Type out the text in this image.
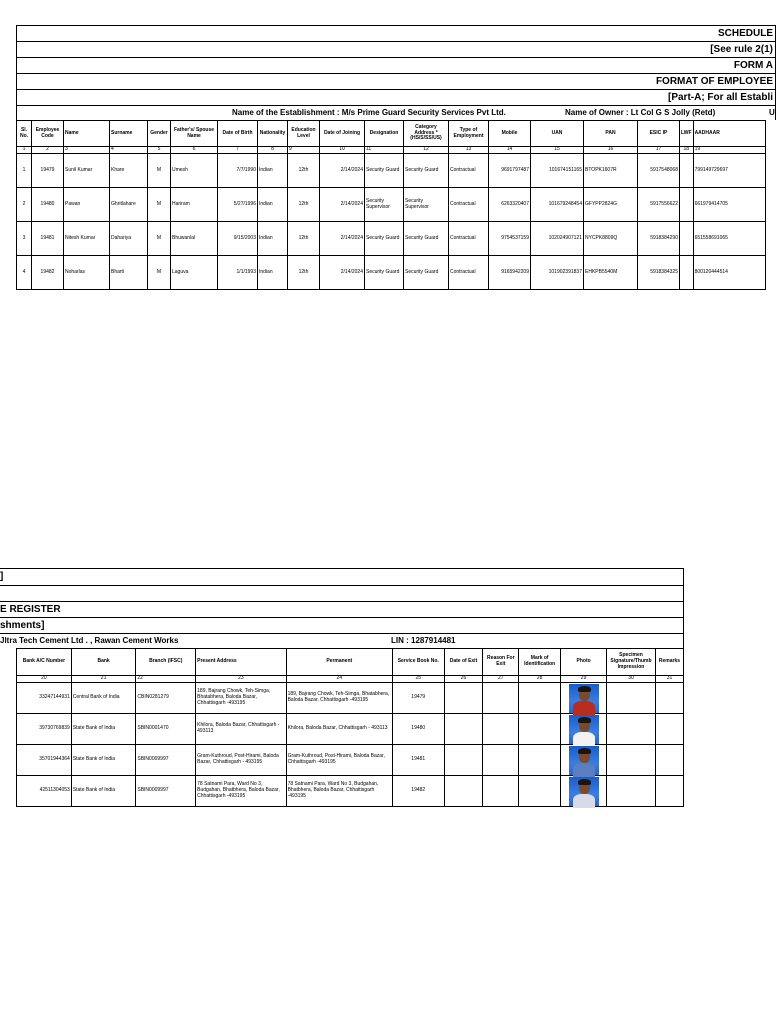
SCHEDULE
[See rule 2(1)
FORM A
FORMAT OF EMPLOYEE
[Part-A; For all Establi
Name of the Establishment : M/s Prime Guard Security Services Pvt Ltd.	Name of Owner : Lt Col G S Jolly (Retd)	U
Sl. No.	Employee Code	Name	Surname	Gender	Father's/ Spouse Name	Date of Birth	Nationality	Education Level	Date of Joining	Designation	Category Address *(HS/S/SS/US)	Type of Employment	Mobile	UAN	PAN	ESIC IP	LWF	AADHAAR
1	2	3	4	5	6	7	8	9	10	11	12	13	14	15	16	17	18	19
1	19479	Sunil Kumar	Khare	M	Umesh	7/7/1990	Indian	12th	2/14/2024	Security Guard	Security Guard	Contractual	9691797487	101674151165	BTOPK1607R	5917548068		799149729697
2	19480	Pawan	Ghritlahare	M	Hariram	5/27/1996	Indian	12th	2/14/2024	Security Supervisor	Security Supervisor	Contractual	6263320407	101679248454	GFYPP2824G	5917556622		661979414705
3	19481	Nitesh Kumar	Dahariya	M	Bhuwanlal	9/15/2003	Indian	12th	2/14/2024	Security Guard	Security Guard	Contractual	9754537159	102024907121	NYCPK8809Q	5918384290		651558691065
4	19482	Noharlas	Bharti	M	Laguva	1/1/1993	Indian	12th	2/14/2024	Security Guard	Security Guard	Contractual	9165942209	101902391837	EHKPB5540M	5918384325		800120444514
]
E REGISTER
shments]
Jltra Tech Cement Ltd . , Rawan Cement Works	LIN : 1287914481
Bank A/C Number	Bank	Branch (IFSC)	Present Address	Permanent	Service Book No.	Date of Exit	Reason For Exit	Mark of Identification	Photo	Specimen Signature/Thumb Impression	Remarks
20	21	22	23	24	25	26	27	28	29	30	31
33247144931	Central Bank of India	CBIN0281279	189, Bajrang Chowk, Teh-Simga, Bhatabhera, Baloda Bazar, Chhattisgarh -493195	189, Bajrang Chowk, Teh-Simga, Bhatabhera, Baloda Bazar, Chhattisgarh -493195	19479				

39730769839	State Bank of India	SBIN0001470	Khilora, Baloda Bazar, Chhattisgarh - 493113	Khilora, Baloda Bazar, Chhattisgarh - 493113	19480				

35701944364	State Bank of India	SBIN0009997	Gram-Kuthroud, Post-Hirami, Baloda Bazar, Chhattisgarh - 493195	Gram-Kuthroud, Post-Hirami, Baloda Bazar, Chhattisgarh -493195	19481				

42511304053	State Bank of India	SBIN0009997	78 Satnami Para, Ward No 3, Budgahan, Bhatbhera, Baloda Bazar, Chhattisgarh -493195	78 Satnami Para, Ward No 3, Budgahan, Bhatbhera, Baloda Bazar, Chhattisgarh -493195	19482				
